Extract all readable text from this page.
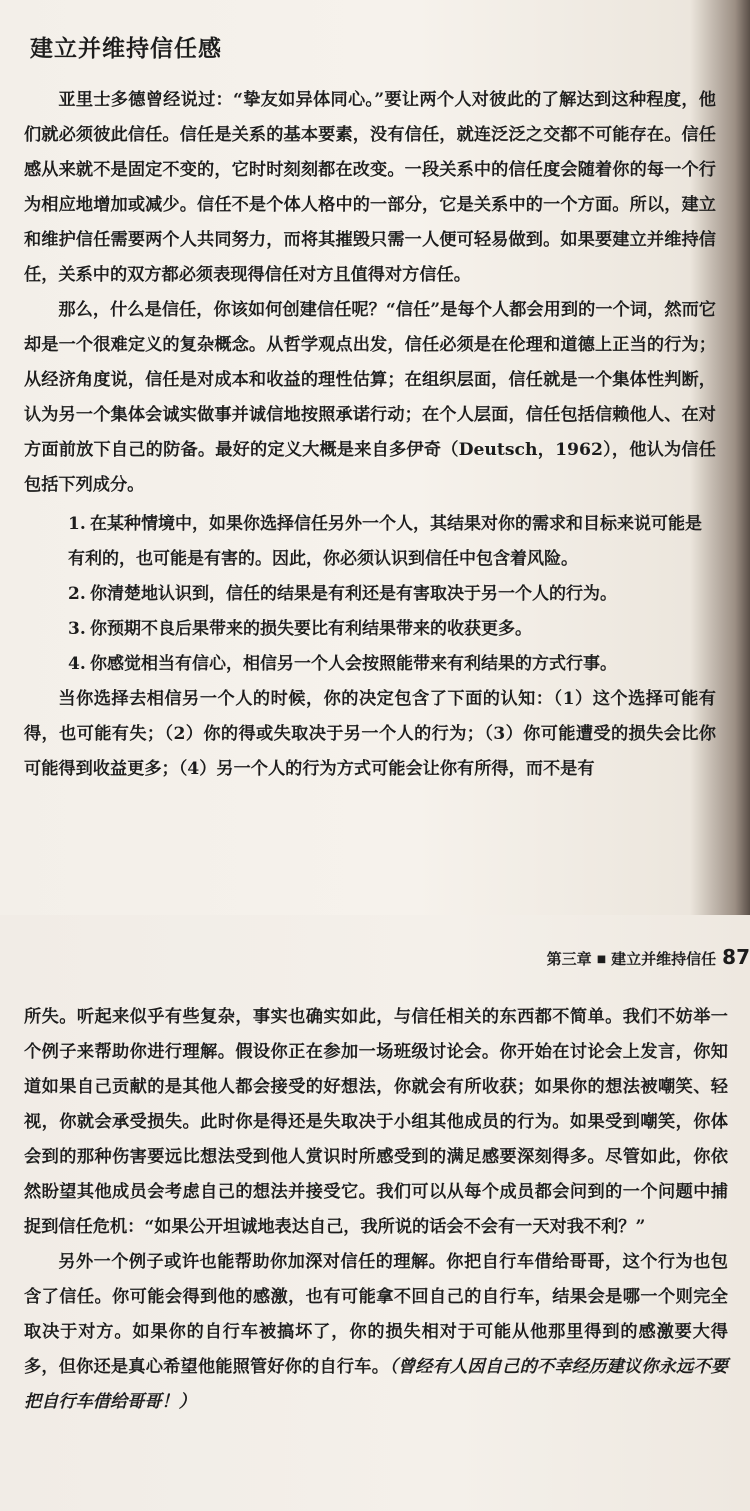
建立并维持信任感

亚里士多德曾经说过：“挚友如异体同心。”要让两个人对彼此的了解达到这种程度，他们就必须彼此信任。信任是关系的基本要素，没有信任，就连泛泛之交都不可能存在。信任感从来就不是固定不变的，它时时刻刻都在改变。一段关系中的信任度会随着你的每一个行为相应地增加或减少。信任不是个体人格中的一部分，它是关系中的一个方面。所以，建立和维护信任需要两个人共同努力，而将其摧毁只需一人便可轻易做到。如果要建立并维持信任，关系中的双方都必须表现得信任对方且值得对方信任。

那么，什么是信任，你该如何创建信任呢？“信任”是每个人都会用到的一个词，然而它却是一个很难定义的复杂概念。从哲学观点出发，信任必须是在伦理和道德上正当的行为；从经济角度说，信任是对成本和收益的理性估算；在组织层面，信任就是一个集体性判断，认为另一个集体会诚实做事并诚信地按照承诺行动；在个人层面，信任包括信赖他人、在对方面前放下自己的防备。最好的定义大概是来自多伊奇（Deutsch，1962），他认为信任包括下列成分。

1. 在某种情境中，如果你选择信任另外一个人，其结果对你的需求和目标来说可能是有利的，也可能是有害的。因此，你必须认识到信任中包含着风险。
2. 你清楚地认识到，信任的结果是有利还是有害取决于另一个人的行为。
3. 你预期不良后果带来的损失要比有利结果带来的收获更多。
4. 你感觉相当有信心，相信另一个人会按照能带来有利结果的方式行事。

当你选择去相信另一个人的时候，你的决定包含了下面的认知：（1）这个选择可能有得，也可能有失；（2）你的得或失取决于另一个人的行为；（3）你可能遭受的损失会比你可能得到收益更多；（4）另一个人的行为方式可能会让你有所得，而不是有

第三章 ■ 建立并维持信任 87

所失。听起来似乎有些复杂，事实也确实如此，与信任相关的东西都不简单。我们不妨举一个例子来帮助你进行理解。假设你正在参加一场班级讨论会。你开始在讨论会上发言，你知道如果自己贡献的是其他人都会接受的好想法，你就会有所收获；如果你的想法被嘲笑、轻视，你就会承受损失。此时你是得还是失取决于小组其他成员的行为。如果受到嘲笑，你体会到的那种伤害要远比想法受到他人赏识时所感受到的满足感要深刻得多。尽管如此，你依然盼望其他成员会考虑自己的想法并接受它。我们可以从每个成员都会问到的一个问题中捕捉到信任危机：“如果公开坦诚地表达自己，我所说的话会不会有一天对我不利？”

另外一个例子或许也能帮助你加深对信任的理解。你把自行车借给哥哥，这个行为也包含了信任。你可能会得到他的感激，也有可能拿不回自己的自行车，结果会是哪一个则完全取决于对方。如果你的自行车被搞坏了，你的损失相对于可能从他那里得到的感激要大得多，但你还是真心希望他能照管好你的自行车。（曾经有人因自己的不幸经历建议你永远不要把自行车借给哥哥！）
